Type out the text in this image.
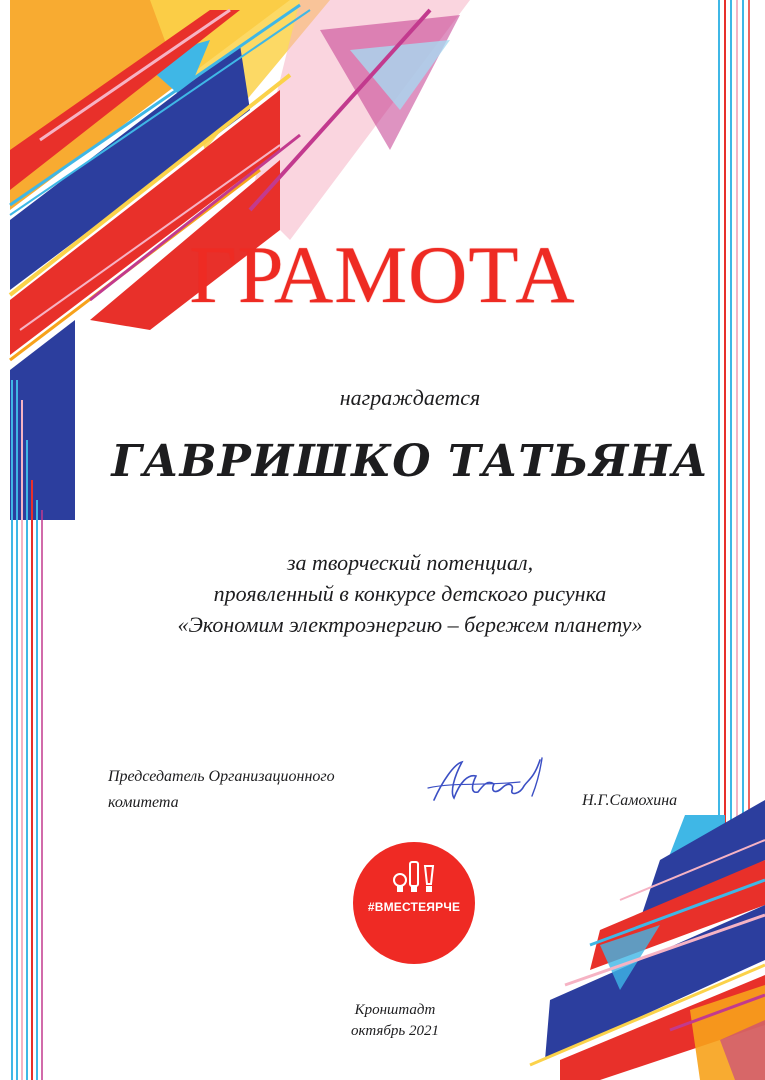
ГРАМОТА
награждается
ГАВРИШКО ТАТЬЯНА
за творческий потенциал,
проявленный в конкурсе детского рисунка
«Экономим электроэнергию – бережем планету»
Председатель Организационного
комитета	Н.Г.Самохина
#ВМЕСТЕЯРЧЕ
Кронштадт
октябрь 2021
